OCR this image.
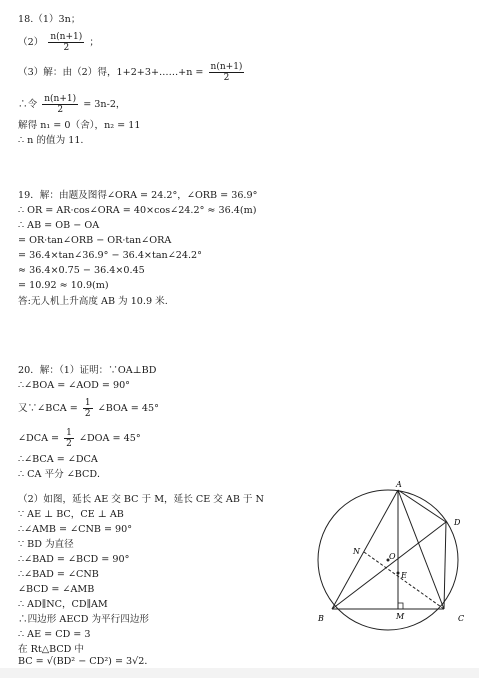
18.（1）3n；
$(2) \frac{n(n+1)}{2}$ ；
（3）解：由（2）得，1+2+3+……+n = $\frac{n(n+1)}{2}$
∴令 $\frac{n(n+1)}{2} = 3n-2$，
解得 n₁ = 0（舍），n₂ = 11
∴ n 的值为 11.
19．解：由题及图得∠ORA = 24.2°，∠ORB = 36.9°
∴ OR = AR·cos∠ORA = 40×cos∠24.2° ≈ 36.4(m)
∴ AB = OB − OA
= OR·tan∠ORB − OR·tan∠ORA
= 36.4×tan∠36.9° − 36.4×tan∠24.2°
≈ 36.4×0.75 − 36.4×0.45
= 10.92 ≈ 10.9(m)
答:无人机上升高度 AB 为 10.9 米.
20．解：（1）证明：∵OA⊥BD
∴∠BOA = ∠AOD = 90°
又∵∠BCA = $\frac{1}{2}$ ∠BOA = 45°
∠DCA = $\frac{1}{2}$ ∠DOA = 45°
∴∠BCA = ∠DCA
∴ CA 平分 ∠BCD．
（2）如图，延长 AE 交 BC 于 M，延长 CE 交 AB 于 N
∵ AE ⊥ BC，CE ⊥ AB
∴∠AMB = ∠CNB = 90°
∵ BD 为直径
∴∠BAD = ∠BCD = 90°
∴∠BAD = ∠CNB
∠BCD = ∠AMB
∴ AD∥NC，CD∥AM
∴四边形 AECD 为平行四边形
∴ AE = CD = 3
在 Rt△BCD 中
BC = √(BD² − CD²) = 3√2．
A
B	C
D
M
N
O
E
